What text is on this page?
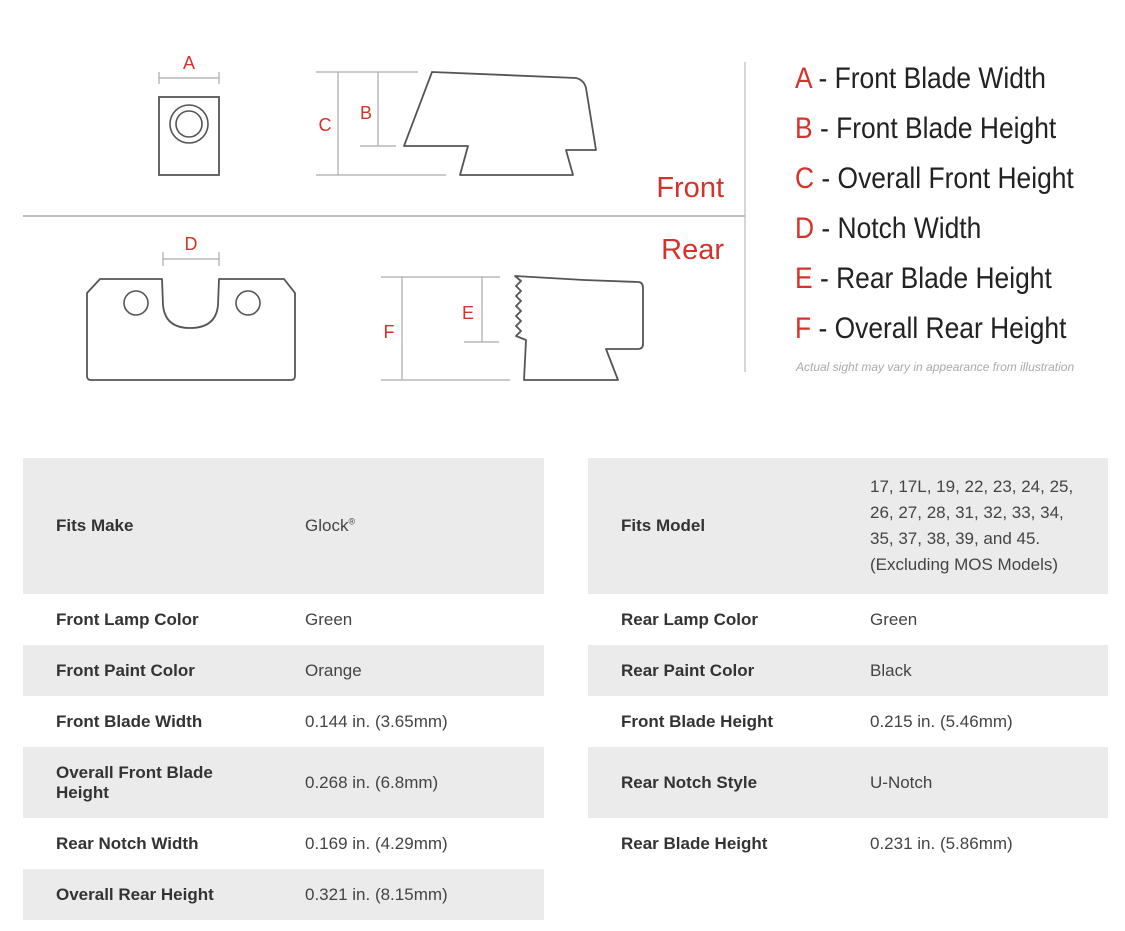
A
C
B
Front
Rear
D
F
E
A - Front Blade Width
B - Front Blade Height
C - Overall Front Height
D - Notch Width
E - Rear Blade Height
F - Overall Rear Height
Actual sight may vary in appearance from illustration
Fits Make	Glock®
Front Lamp Color	Green
Front Paint Color	Orange
Front Blade Width	0.144 in. (3.65mm)
Overall Front Blade Height	0.268 in. (6.8mm)
Rear Notch Width	0.169 in. (4.29mm)
Overall Rear Height	0.321 in. (8.15mm)
Fits Model	17, 17L, 19, 22, 23, 24, 25,
26, 27, 28, 31, 32, 33, 34,
35, 37, 38, 39, and 45.
(Excluding MOS Models)

Rear Lamp Color	Green
Rear Paint Color	Black
Front Blade Height	0.215 in. (5.46mm)
Rear Notch Style	U-Notch
Rear Blade Height	0.231 in. (5.86mm)
